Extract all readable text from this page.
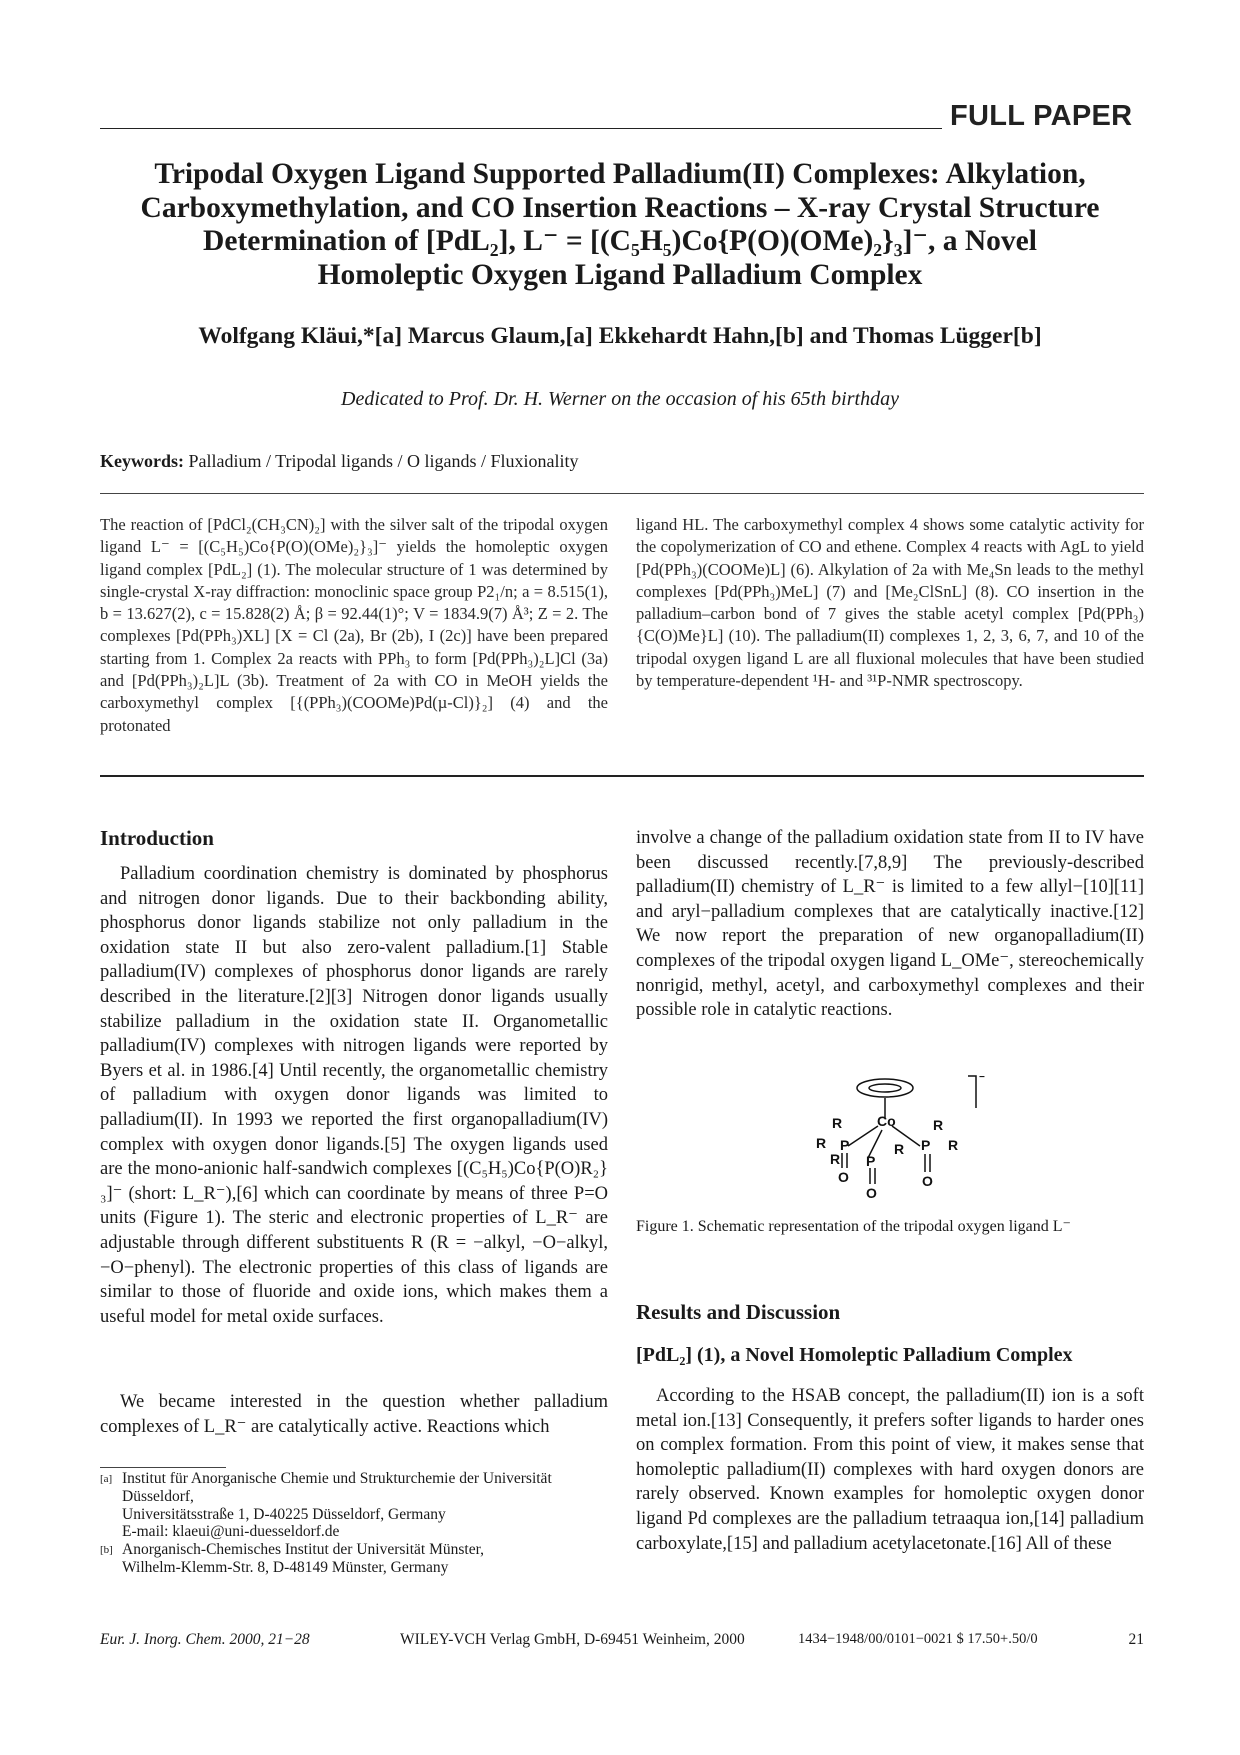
FULL PAPER
Tripodal Oxygen Ligand Supported Palladium(II) Complexes: Alkylation,
Carboxymethylation, and CO Insertion Reactions – X-ray Crystal Structure
Determination of [PdL₂], L⁻ = [(C₅H₅)Co{P(O)(OMe)₂}₃]⁻, a Novel
Homoleptic Oxygen Ligand Palladium Complex
Wolfgang Kläui,*[a] Marcus Glaum,[a] Ekkehardt Hahn,[b] and Thomas Lügger[b]
Dedicated to Prof. Dr. H. Werner on the occasion of his 65th birthday
Keywords: Palladium / Tripodal ligands / O ligands / Fluxionality
The reaction of [PdCl₂(CH₃CN)₂] with the silver salt of the tripodal oxygen ligand L⁻ = [(C₅H₅)Co{P(O)(OMe)₂}₃]⁻ yields the homoleptic oxygen ligand complex [PdL₂] (1). The molecular structure of 1 was determined by single-crystal X-ray diffraction: monoclinic space group P2₁/n; a = 8.515(1), b = 13.627(2), c = 15.828(2) Å; β = 92.44(1)°; V = 1834.9(7) Å³; Z = 2. The complexes [Pd(PPh₃)XL] [X = Cl (2a), Br (2b), I (2c)] have been prepared starting from 1. Complex 2a reacts with PPh₃ to form [Pd(PPh₃)₂L]Cl (3a) and [Pd(PPh₃)₂L]L (3b). Treatment of 2a with CO in MeOH yields the carboxymethyl complex [{(PPh₃)(COOMe)Pd(µ-Cl)}₂] (4) and the protonated
ligand HL. The carboxymethyl complex 4 shows some catalytic activity for the copolymerization of CO and ethene. Complex 4 reacts with AgL to yield [Pd(PPh₃)(COOMe)L] (6). Alkylation of 2a with Me₄Sn leads to the methyl complexes [Pd(PPh₃)MeL] (7) and [Me₂ClSnL] (8). CO insertion in the palladium–carbon bond of 7 gives the stable acetyl complex [Pd(PPh₃){C(O)Me}L] (10). The palladium(II) complexes 1, 2, 3, 6, 7, and 10 of the tripodal oxygen ligand L are all fluxional molecules that have been studied by temperature-dependent ¹H- and ³¹P-NMR spectroscopy.
Introduction

Palladium coordination chemistry is dominated by phosphorus and nitrogen donor ligands. Due to their backbonding ability, phosphorus donor ligands stabilize not only palladium in the oxidation state II but also zero-valent palladium.[1] Stable palladium(IV) complexes of phosphorus donor ligands are rarely described in the literature.[2][3] Nitrogen donor ligands usually stabilize palladium in the oxidation state II. Organometallic palladium(IV) complexes with nitrogen ligands were reported by Byers et al. in 1986.[4] Until recently, the organometallic chemistry of palladium with oxygen donor ligands was limited to palladium(II). In 1993 we reported the first organopalladium(IV) complex with oxygen donor ligands.[5] The oxygen ligands used are the mono-anionic half-sandwich complexes [(C₅H₅)Co{P(O)R₂}₃]⁻ (short: L_R⁻),[6] which can coordinate by means of three P=O units (Figure 1). The steric and electronic properties of L_R⁻ are adjustable through different substituents R (R = −alkyl, −O−alkyl, −O−phenyl). The electronic properties of this class of ligands are similar to those of fluoride and oxide ions, which makes them a useful model for metal oxide surfaces.

We became interested in the question whether palladium complexes of L_R⁻ are catalytically active. Reactions which

involve a change of the palladium oxidation state from II to IV have been discussed recently.[7,8,9] The previously-described palladium(II) chemistry of L_R⁻ is limited to a few allyl−[10][11] and aryl−palladium complexes that are catalytically inactive.[12] We now report the preparation of new organopalladium(II) complexes of the tripodal oxygen ligand L_OMe⁻, stereochemically nonrigid, methyl, acetyl, and carboxymethyl complexes and their possible role in catalytic reactions.

Co
P
P
P
R
R
R
R
R
R
O
O
O
−
Figure 1. Schematic representation of the tripodal oxygen ligand L⁻
Results and Discussion
[PdL₂] (1), a Novel Homoleptic Palladium Complex

According to the HSAB concept, the palladium(II) ion is a soft metal ion.[13] Consequently, it prefers softer ligands to harder ones on complex formation. From this point of view, it makes sense that homoleptic palladium(II) complexes with hard oxygen donors are rarely observed. Known examples for homoleptic oxygen donor ligand Pd complexes are the palladium tetraaqua ion,[14] palladium carboxylate,[15] and palladium acetylacetonate.[16] All of these

[a] Institut für Anorganische Chemie und Strukturchemie der Universität Düsseldorf,
Universitätsstraße 1, D-40225 Düsseldorf, Germany
E-mail: klaeui@uni-duesseldorf.de
[b] Anorganisch-Chemisches Institut der Universität Münster,
Wilhelm-Klemm-Str. 8, D-48149 Münster, Germany
Eur. J. Inorg. Chem. 2000, 21−28	WILEY-VCH Verlag GmbH, D-69451 Weinheim, 2000	1434−1948/00/0101−0021 $ 17.50+.50/0	21
